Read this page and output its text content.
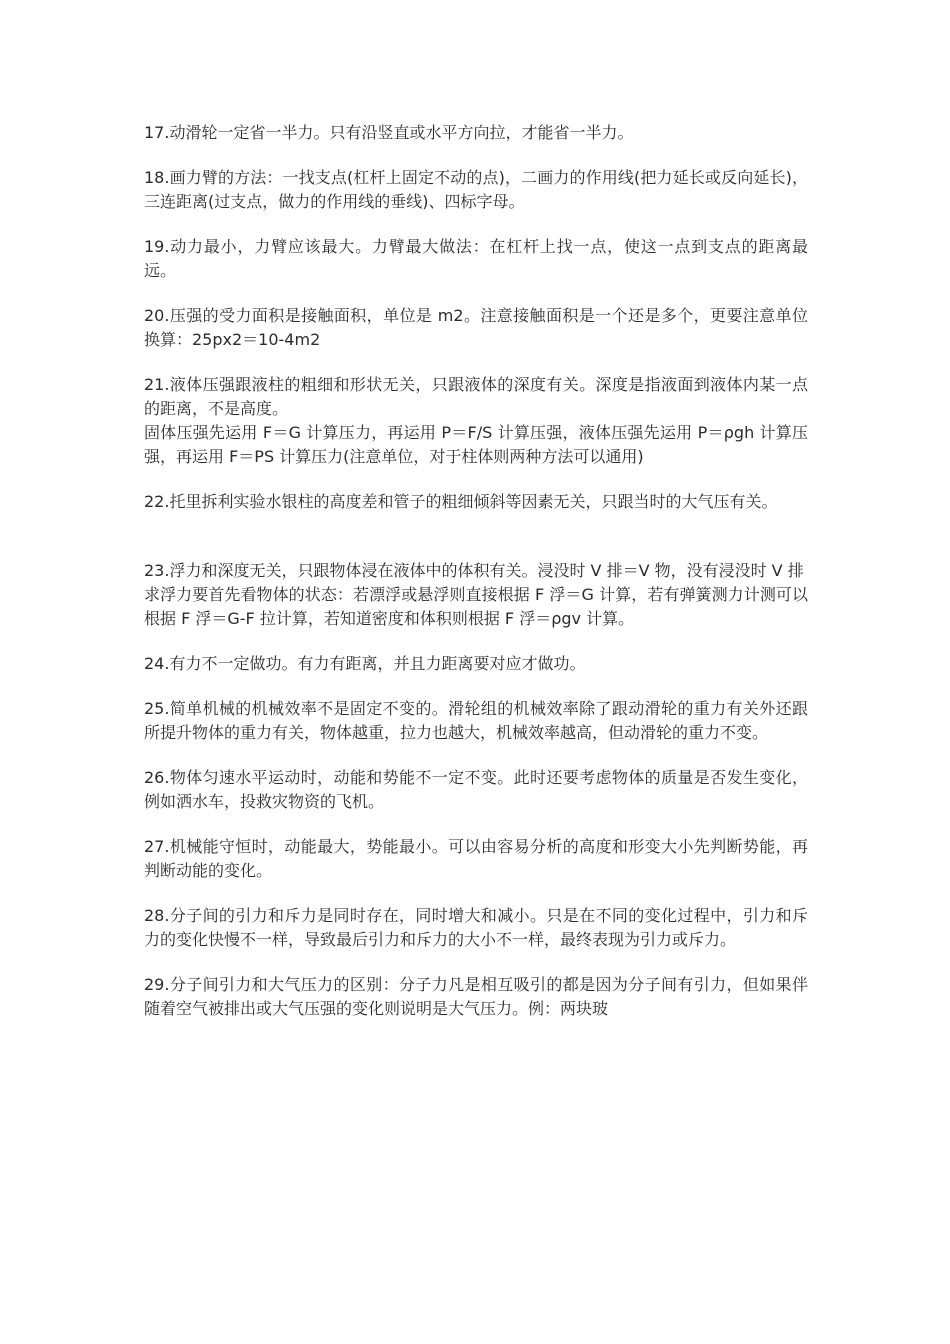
17.动滑轮一定省一半力。只有沿竖直或水平方向拉，才能省一半力。

18.画力臂的方法：一找支点(杠杆上固定不动的点)，二画力的作用线(把力延长或反向延长)，三连距离(过支点，做力的作用线的垂线)、四标字母。

19.动力最小，力臂应该最大。力臂最大做法：在杠杆上找一点，使这一点到支点的距离最远。

20.压强的受力面积是接触面积，单位是 m2。注意接触面积是一个还是多个，更要注意单位换算：25px2＝10-4m2

21.液体压强跟液柱的粗细和形状无关，只跟液体的深度有关。深度是指液面到液体内某一点的距离，不是高度。

固体压强先运用 F＝G 计算压力，再运用 P＝F/S 计算压强，液体压强先运用 P＝ρgh 计算压强，再运用 F＝PS 计算压力(注意单位，对于柱体则两种方法可以通用)

22.托里拆利实验水银柱的高度差和管子的粗细倾斜等因素无关，只跟当时的大气压有关。

23.浮力和深度无关，只跟物体浸在液体中的体积有关。浸没时 V 排＝V 物，没有浸没时 V 排

求浮力要首先看物体的状态：若漂浮或悬浮则直接根据 F 浮＝G 计算，若有弹簧测力计测可以根据 F 浮＝G-F 拉计算，若知道密度和体积则根据 F 浮＝ρgv 计算。

24.有力不一定做功。有力有距离，并且力距离要对应才做功。

25.简单机械的机械效率不是固定不变的。滑轮组的机械效率除了跟动滑轮的重力有关外还跟所提升物体的重力有关，物体越重，拉力也越大，机械效率越高，但动滑轮的重力不变。

26.物体匀速水平运动时，动能和势能不一定不变。此时还要考虑物体的质量是否发生变化，例如洒水车，投救灾物资的飞机。

27.机械能守恒时，动能最大，势能最小。可以由容易分析的高度和形变大小先判断势能，再判断动能的变化。

28.分子间的引力和斥力是同时存在，同时增大和减小。只是在不同的变化过程中，引力和斥力的变化快慢不一样，导致最后引力和斥力的大小不一样，最终表现为引力或斥力。

29.分子间引力和大气压力的区别：分子力凡是相互吸引的都是因为分子间有引力，但如果伴随着空气被排出或大气压强的变化则说明是大气压力。例：两块玻
